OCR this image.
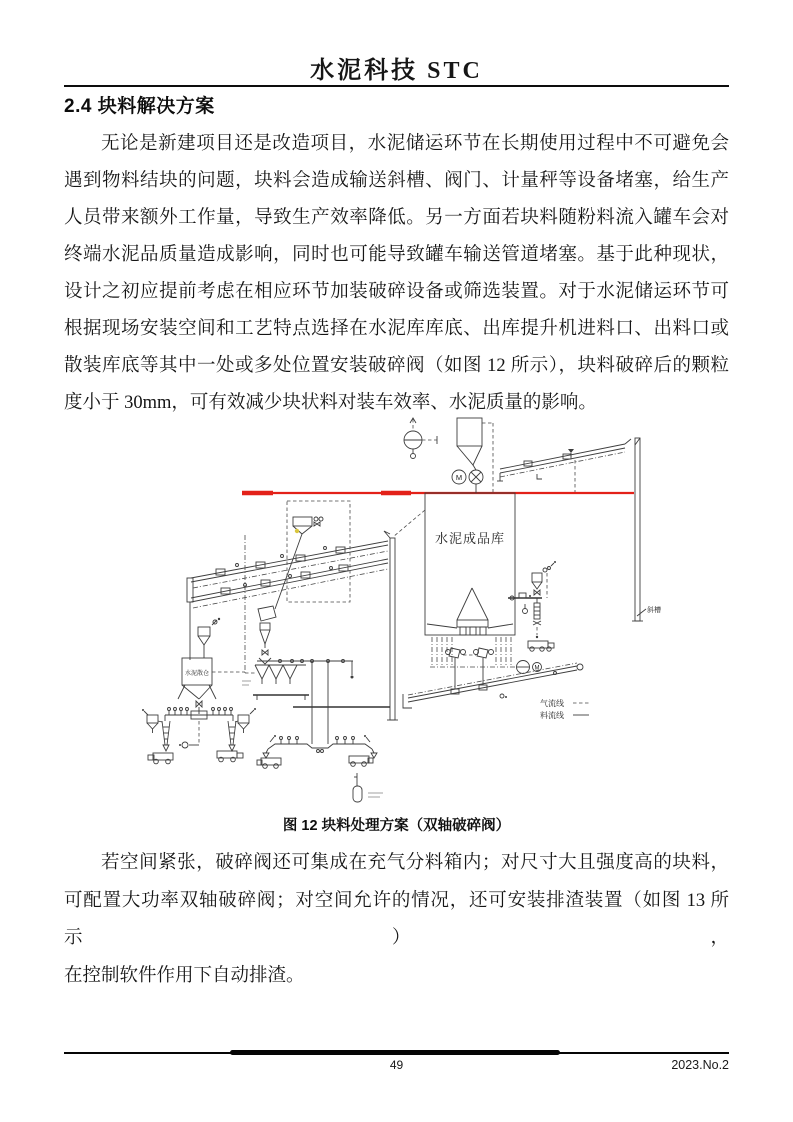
水泥科技 STC
2.4 块料解决方案
无论是新建项目还是改造项目，水泥储运环节在长期使用过程中不可避免会
遇到物料结块的问题，块料会造成输送斜槽、阀门、计量秤等设备堵塞，给生产
人员带来额外工作量，导致生产效率降低。另一方面若块料随粉料流入罐车会对
终端水泥品质量造成影响，同时也可能导致罐车输送管道堵塞。基于此种现状，
设计之初应提前考虑在相应环节加装破碎设备或筛选装置。对于水泥储运环节可
根据现场安装空间和工艺特点选择在水泥库库底、出库提升机进料口、出料口或
散装库底等其中一处或多处位置安装破碎阀（如图 12 所示），块料破碎后的颗粒
度小于 30mm，可有效减少块状料对装车效率、水泥质量的影响。
M
斜槽
水泥成品库
M
水泥散仓
气流线
料流线
图 12 块料处理方案（双轴破碎阀）
若空间紧张，破碎阀还可集成在充气分料箱内；对尺寸大且强度高的块料，
可配置大功率双轴破碎阀；对空间允许的情况，还可安装排渣装置（如图 13 所示），
在控制软件作用下自动排渣。
49	2023.No.2
